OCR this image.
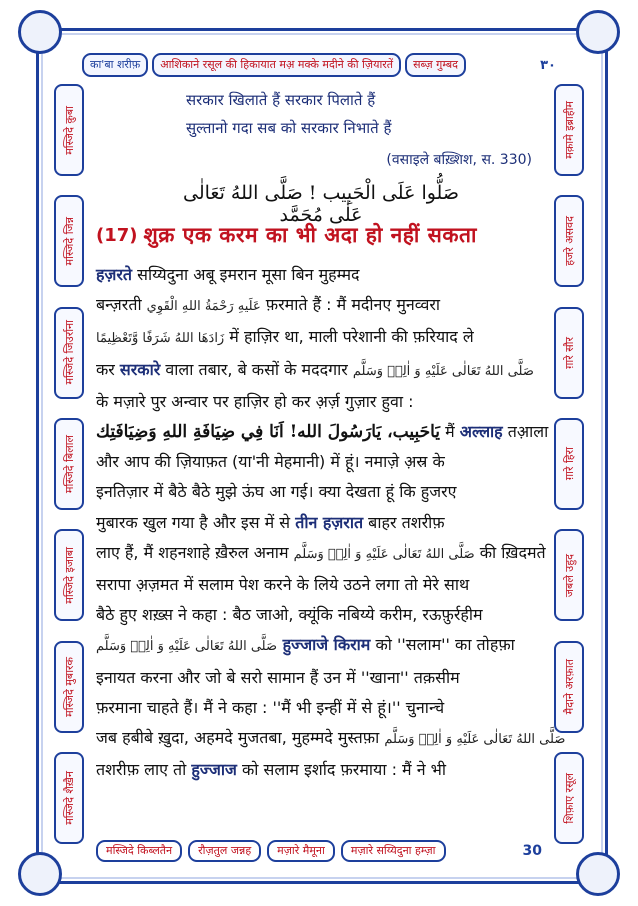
का'बा शरीफ़	आशिकाने रसूल की हिकायात मअ़ मक्के मदीने की ज़ियारतें	सब्ज़ गुम्बद	۳۰
मस्जिदे क़ुबा
मस्जिदे जिन्न
मस्जिदे जिउर्राना
मस्जिदे बिलाल
मस्जिदे इजाबा
मस्जिदे मुबारक
मस्जिदे शैख़ैन
मक़ामे इब्राहीम
हजरे असवद
ग़ारे सौर
ग़ारे हिरा
जबले उहुद
मैदाने अरफ़ात
शिफ़ाए रसूल
सरकार खिलाते हैं सरकार पिलाते हैं
सुल्तानो गदा सब को सरकार निभाते हैं
(वसाइले बख़्शिश, स. 330)
صَلُّوا عَلَى الْحَبِيب ! صَلَّى اللهُ تَعَالٰی عَلٰی مُحَمَّد
(17) शुक्र एक करम का भी अदा हो नहीं सकता

हज़रते सय्यिदुना अबू इमरान मूसा बिन मुहम्मद

बन्ज़रती عَلَيهِ رَحْمَةُ اللهِ الْقَوِي फ़रमाते हैं : मैं मदीनए मुनव्वरा

زَادَهَا اللهُ شَرَفًا وَّتَعْظِيمًا में हाज़िर था, माली परेशानी की फ़रियाद ले

कर सरकारे वाला तबार, बे कसों के मददगार صَلَّى اللهُ تَعَالٰى عَلَيْهِ وَ اٰلِهٖ وَسَلَّم

के मज़ारे पुर अन्वार पर हाज़िर हो कर अ़र्ज़ गुज़ार हुवा :

يَاحَبِيب، يَارَسُولَ الله! اَنَا فِي ضِيَافَةِ اللهِ وَضِيَافَتِك मैं अल्लाह तआ़ला

और आप की ज़ियाफ़त (या'नी मेहमानी) में हूं। नमाज़े अ़स्र के

इनतिज़ार में बैठे बैठे मुझे ऊंघ आ गई। क्या देखता हूं कि हुजरए

मुबारक खुल गया है और इस में से तीन हज़रात बाहर तशरीफ़

लाए हैं, मैं शहनशाहे ख़ैरुल अनाम صَلَّى اللهُ تَعَالٰى عَلَيْهِ وَ اٰلِهٖ وَسَلَّم की ख़िदमते

सरापा अ़ज़मत में सलाम पेश करने के लिये उठने लगा तो मेरे साथ

बैठे हुए शख़्स ने कहा : बैठ जाओ, क्यूंकि नबिय्ये करीम, रऊफ़ुर्रहीम

صَلَّى اللهُ تَعَالٰى عَلَيْهِ وَ اٰلِهٖ وَسَلَّم हुज्जाजे किराम को ''सलाम'' का तोहफ़ा

इनायत करना और जो बे सरो सामान हैं उन में ''खाना'' तक़सीम

फ़रमाना चाहते हैं। मैं ने कहा : ''मैं भी इन्हीं में से हूं।'' चुनान्चे

जब हबीबे ख़ुदा, अहमदे मुजतबा, मुहम्मदे मुस्तफ़ा صَلَّى اللهُ تَعَالٰى عَلَيْهِ وَ اٰلِهٖ وَسَلَّم

तशरीफ़ लाए तो हुज्जाज को सलाम इर्शाद फ़रमाया : मैं ने भी

मस्जिदे किब्लतैन	रौज़तुल जन्नह	मज़ारे मैमूना	मज़ारे सय्यिदुना हम्ज़ा	30
